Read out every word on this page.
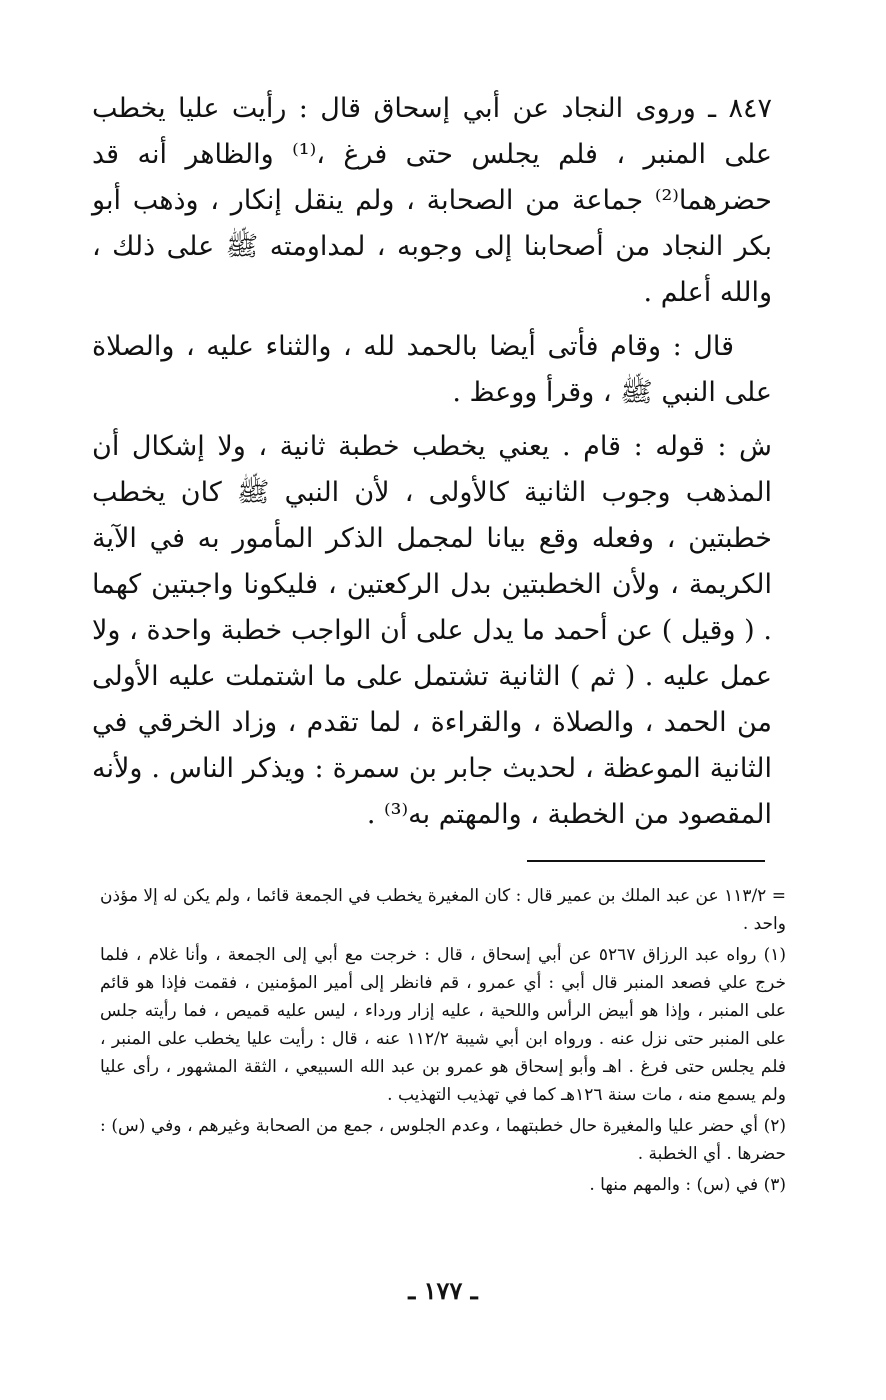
٨٤٧ ـ وروى النجاد عن أبي إسحاق قال : رأيت عليا يخطب على المنبر ، فلم يجلس حتى فرغ ،⁽¹⁾ والظاهر أنه قد حضرهما⁽²⁾ جماعة من الصحابة ، ولم ينقل إنكار ، وذهب أبو بكر النجاد من أصحابنا إلى وجوبه ، لمداومته ﷺ على ذلك ، والله أعلم .

قال : وقام فأتى أيضا بالحمد لله ، والثناء عليه ، والصلاة على النبي ﷺ ، وقرأ ووعظ .

ش : قوله : قام . يعني يخطب خطبة ثانية ، ولا إشكال أن المذهب وجوب الثانية كالأولى ، لأن النبي ﷺ كان يخطب خطبتين ، وفعله وقع بيانا لمجمل الذكر المأمور به في الآية الكريمة ، ولأن الخطبتين بدل الركعتين ، فليكونا واجبتين كهما . ( وقيل ) عن أحمد ما يدل على أن الواجب خطبة واحدة ، ولا عمل عليه . ( ثم ) الثانية تشتمل على ما اشتملت عليه الأولى من الحمد ، والصلاة ، والقراءة ، لما تقدم ، وزاد الخرقي في الثانية الموعظة ، لحديث جابر بن سمرة : ويذكر الناس . ولأنه المقصود من الخطبة ، والمهتم به⁽³⁾ .

= ١١٣/٢ عن عبد الملك بن عمير قال : كان المغيرة يخطب في الجمعة قائما ، ولم يكن له إلا مؤذن واحد .

(١) رواه عبد الرزاق ٥٢٦٧ عن أبي إسحاق ، قال : خرجت مع أبي إلى الجمعة ، وأنا غلام ، فلما خرج علي فصعد المنبر قال أبي : أي عمرو ، قم فانظر إلى أمير المؤمنين ، فقمت فإذا هو قائم على المنبر ، وإذا هو أبيض الرأس واللحية ، عليه إزار ورداء ، ليس عليه قميص ، فما رأيته جلس على المنبر حتى نزل عنه . ورواه ابن أبي شيبة ١١٢/٢ عنه ، قال : رأيت عليا يخطب على المنبر ، فلم يجلس حتى فرغ . اهـ وأبو إسحاق هو عمرو بن عبد الله السبيعي ، الثقة المشهور ، رأى عليا ولم يسمع منه ، مات سنة ١٢٦هـ كما في تهذيب التهذيب .

(٢) أي حضر عليا والمغيرة حال خطبتهما ، وعدم الجلوس ، جمع من الصحابة وغيرهم ، وفي (س) : حضرها . أي الخطبة .

(٣) في (س) : والمهم منها .

ـ ١٧٧ ـ
